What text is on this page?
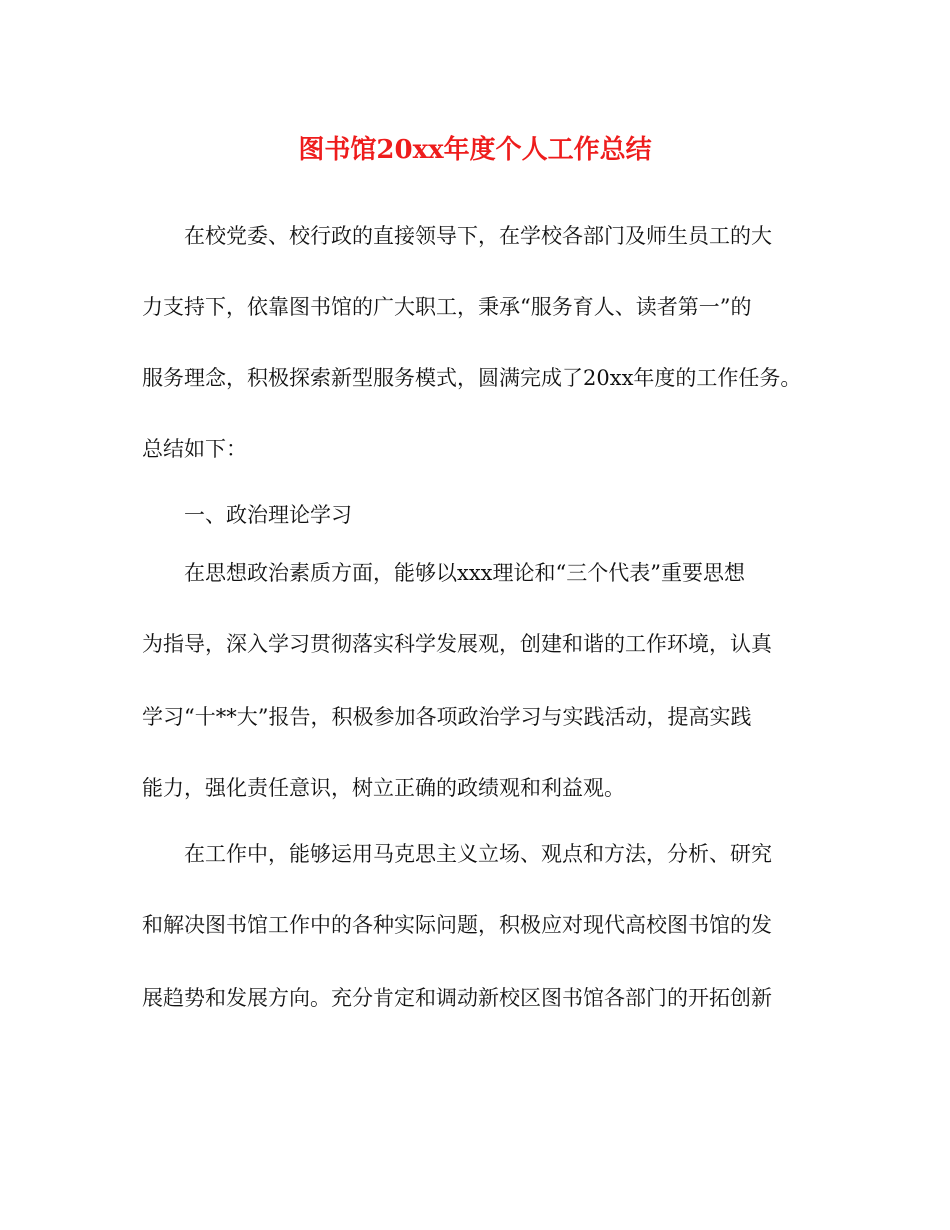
图书馆20xx年度个人工作总结

在校党委、校行政的直接领导下，在学校各部门及师生员工的大

力支持下，依靠图书馆的广大职工，秉承“服务育人、读者第一”的

服务理念，积极探索新型服务模式，圆满完成了20xx年度的工作任务。

总结如下：

一、政治理论学习

在思想政治素质方面，能够以xxx理论和“三个代表”重要思想

为指导，深入学习贯彻落实科学发展观，创建和谐的工作环境，认真

学习“十**大”报告，积极参加各项政治学习与实践活动，提高实践

能力，强化责任意识，树立正确的政绩观和利益观。

在工作中，能够运用马克思主义立场、观点和方法，分析、研究

和解决图书馆工作中的各种实际问题，积极应对现代高校图书馆的发

展趋势和发展方向。充分肯定和调动新校区图书馆各部门的开拓创新
